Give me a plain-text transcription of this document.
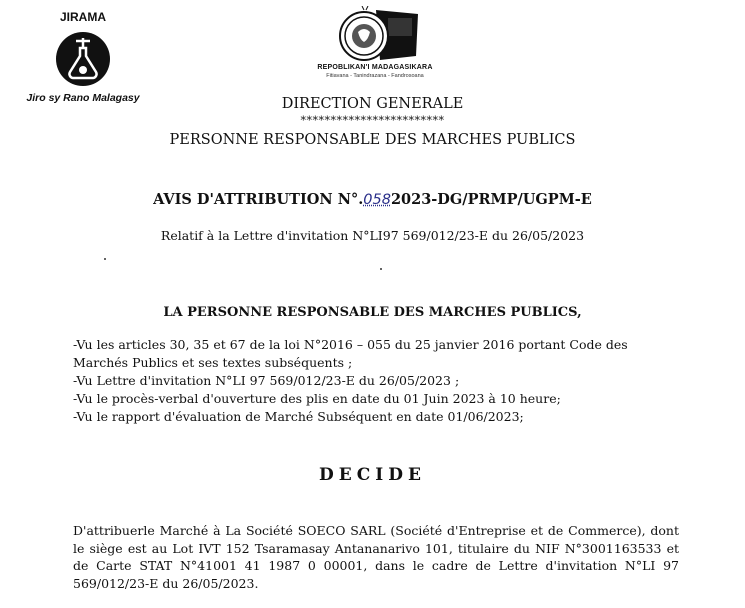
JIRAMA
Jiro sy Rano Malagasy
REPOBLIKAN'I MADAGASIKARA
Fitiavana - Tanindrazana - Fandrosoana
DIRECTION GENERALE
************************
PERSONNE RESPONSABLE DES MARCHES PUBLICS
AVIS D'ATTRIBUTION N°.0582023-DG/PRMP/UGPM-E
Relatif à la Lettre d'invitation N°LI97 569/012/23-E du 26/05/2023
LA PERSONNE RESPONSABLE DES MARCHES PUBLICS,
-Vu les articles 30, 35 et 67 de la loi N°2016 – 055 du 25 janvier 2016 portant Code des Marchés Publics et ses textes subséquents ;
-Vu Lettre d'invitation N°LI 97 569/012/23-E du 26/05/2023 ;
-Vu le procès-verbal d'ouverture des plis en date du 01 Juin 2023 à 10 heure;
-Vu le rapport d'évaluation de Marché Subséquent en date 01/06/2023;
DECIDE
D'attribuerle Marché à La Société SOECO SARL (Société d'Entreprise et de Commerce), dont le siège est au Lot IVT 152 Tsaramasay Antananarivo 101, titulaire du NIF N°3001163533 et de Carte STAT N°41001 41 1987 0 00001, dans le cadre de Lettre d'invitation N°LI 97 569/012/23-E du 26/05/2023.
